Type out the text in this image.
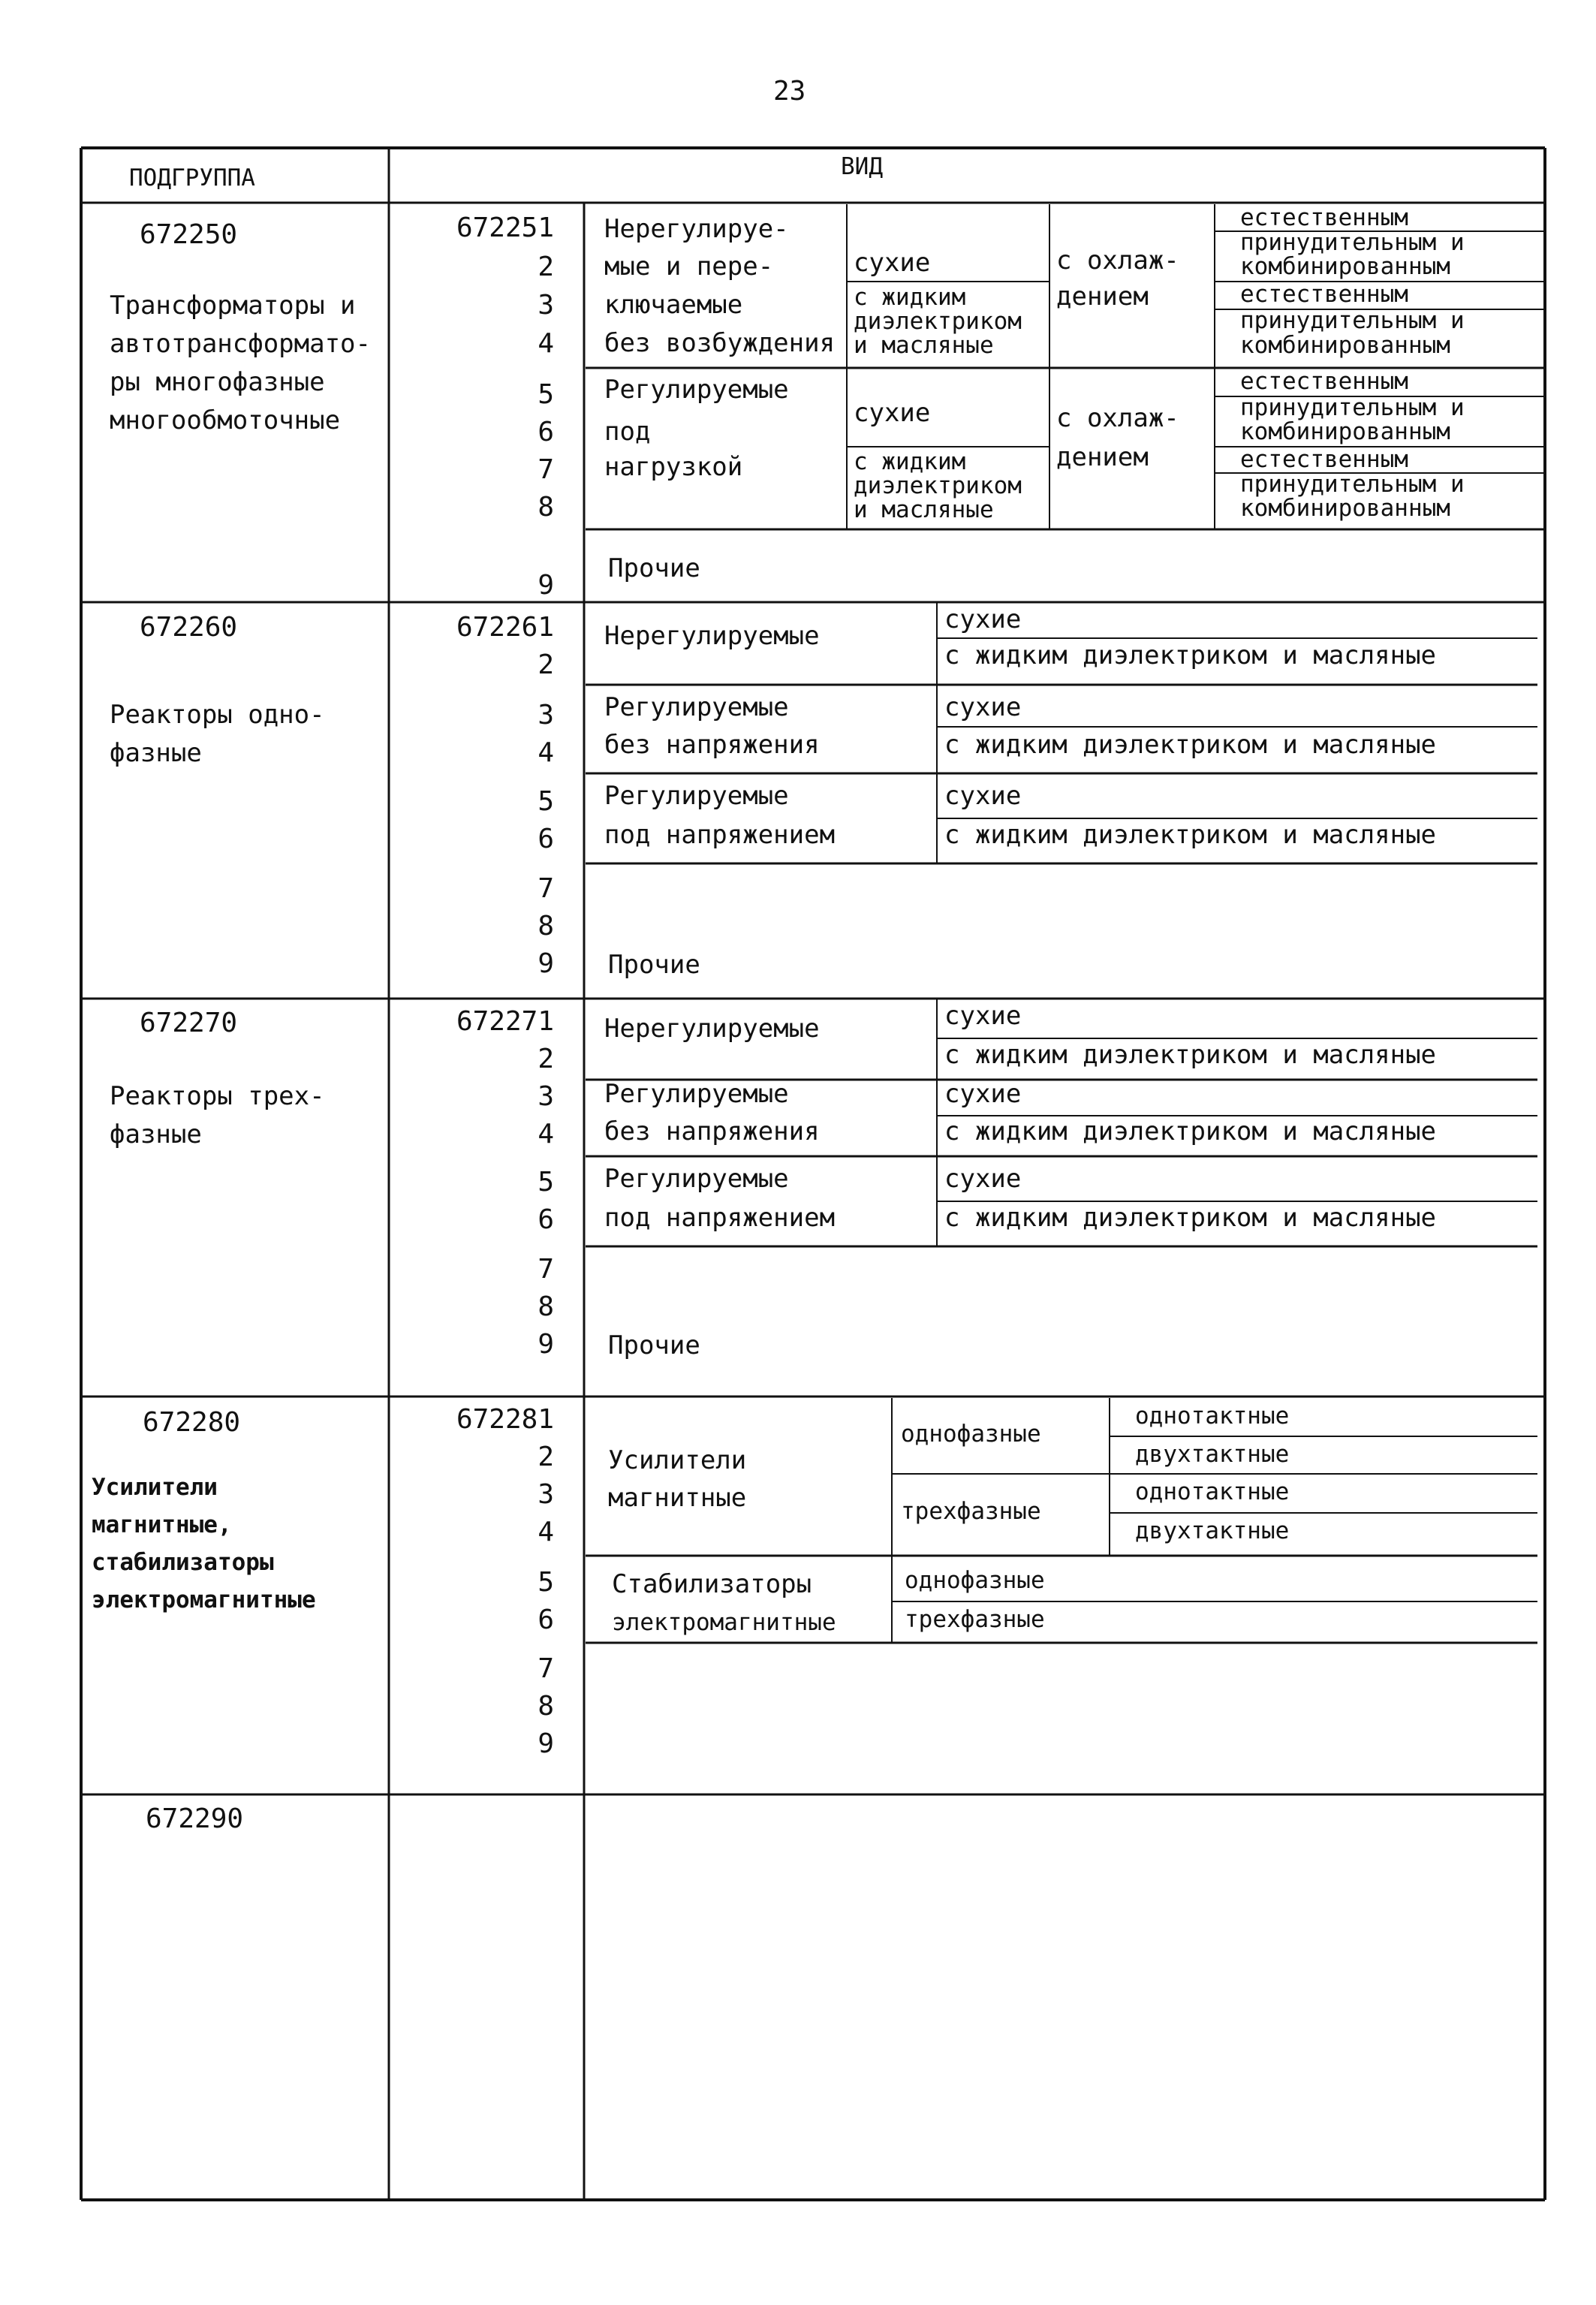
23
ПОДГРУППА	ВИД
672250
Трансформаторы и
автотрансформато-
ры многофазные
многообмоточные
672251
2
3
4
5
6
7
8
9
Нерегулируе-
мые и пере-
ключаемые
без возбуждения
сухие
с жидким
диэлектриком
и масляные
с охлаж-
дением
естественным
принудительным и
комбинированным
естественным
принудительным и
комбинированным
Регулируемые
под
нагрузкой
сухие
с жидким
диэлектриком
и масляные
с охлаж-
дением
естественным
принудительным и
комбинированным
естественным
принудительным и
комбинированным
Прочие
672260
Реакторы одно-
фазные
672261
2
3
4
5
6
7
8
9
Нерегулируемые
сухие
с жидким диэлектриком и масляные
Регулируемые
без напряжения
сухие
с жидким диэлектриком и масляные
Регулируемые
под напряжением
сухие
с жидким диэлектриком и масляные
Прочие
672270
Реакторы трех-
фазные
672271
2
3
4
5
6
7
8
9
Нерегулируемые	сухие
с жидким диэлектриком и масляные
Регулируемые
без напряжения
сухие
с жидким диэлектриком и масляные
Регулируемые
под напряжением
сухие
с жидким диэлектриком и масляные
Прочие
672280
Усилители
магнитные,
стабилизаторы
электромагнитные
672281
2
3
4
5
6
7
8
9
Усилители
магнитные
однофазные
трехфазные
однотактные
двухтактные
однотактные
двухтактные
Стабилизаторы
электромагнитные
однофазные
трехфазные
672290
